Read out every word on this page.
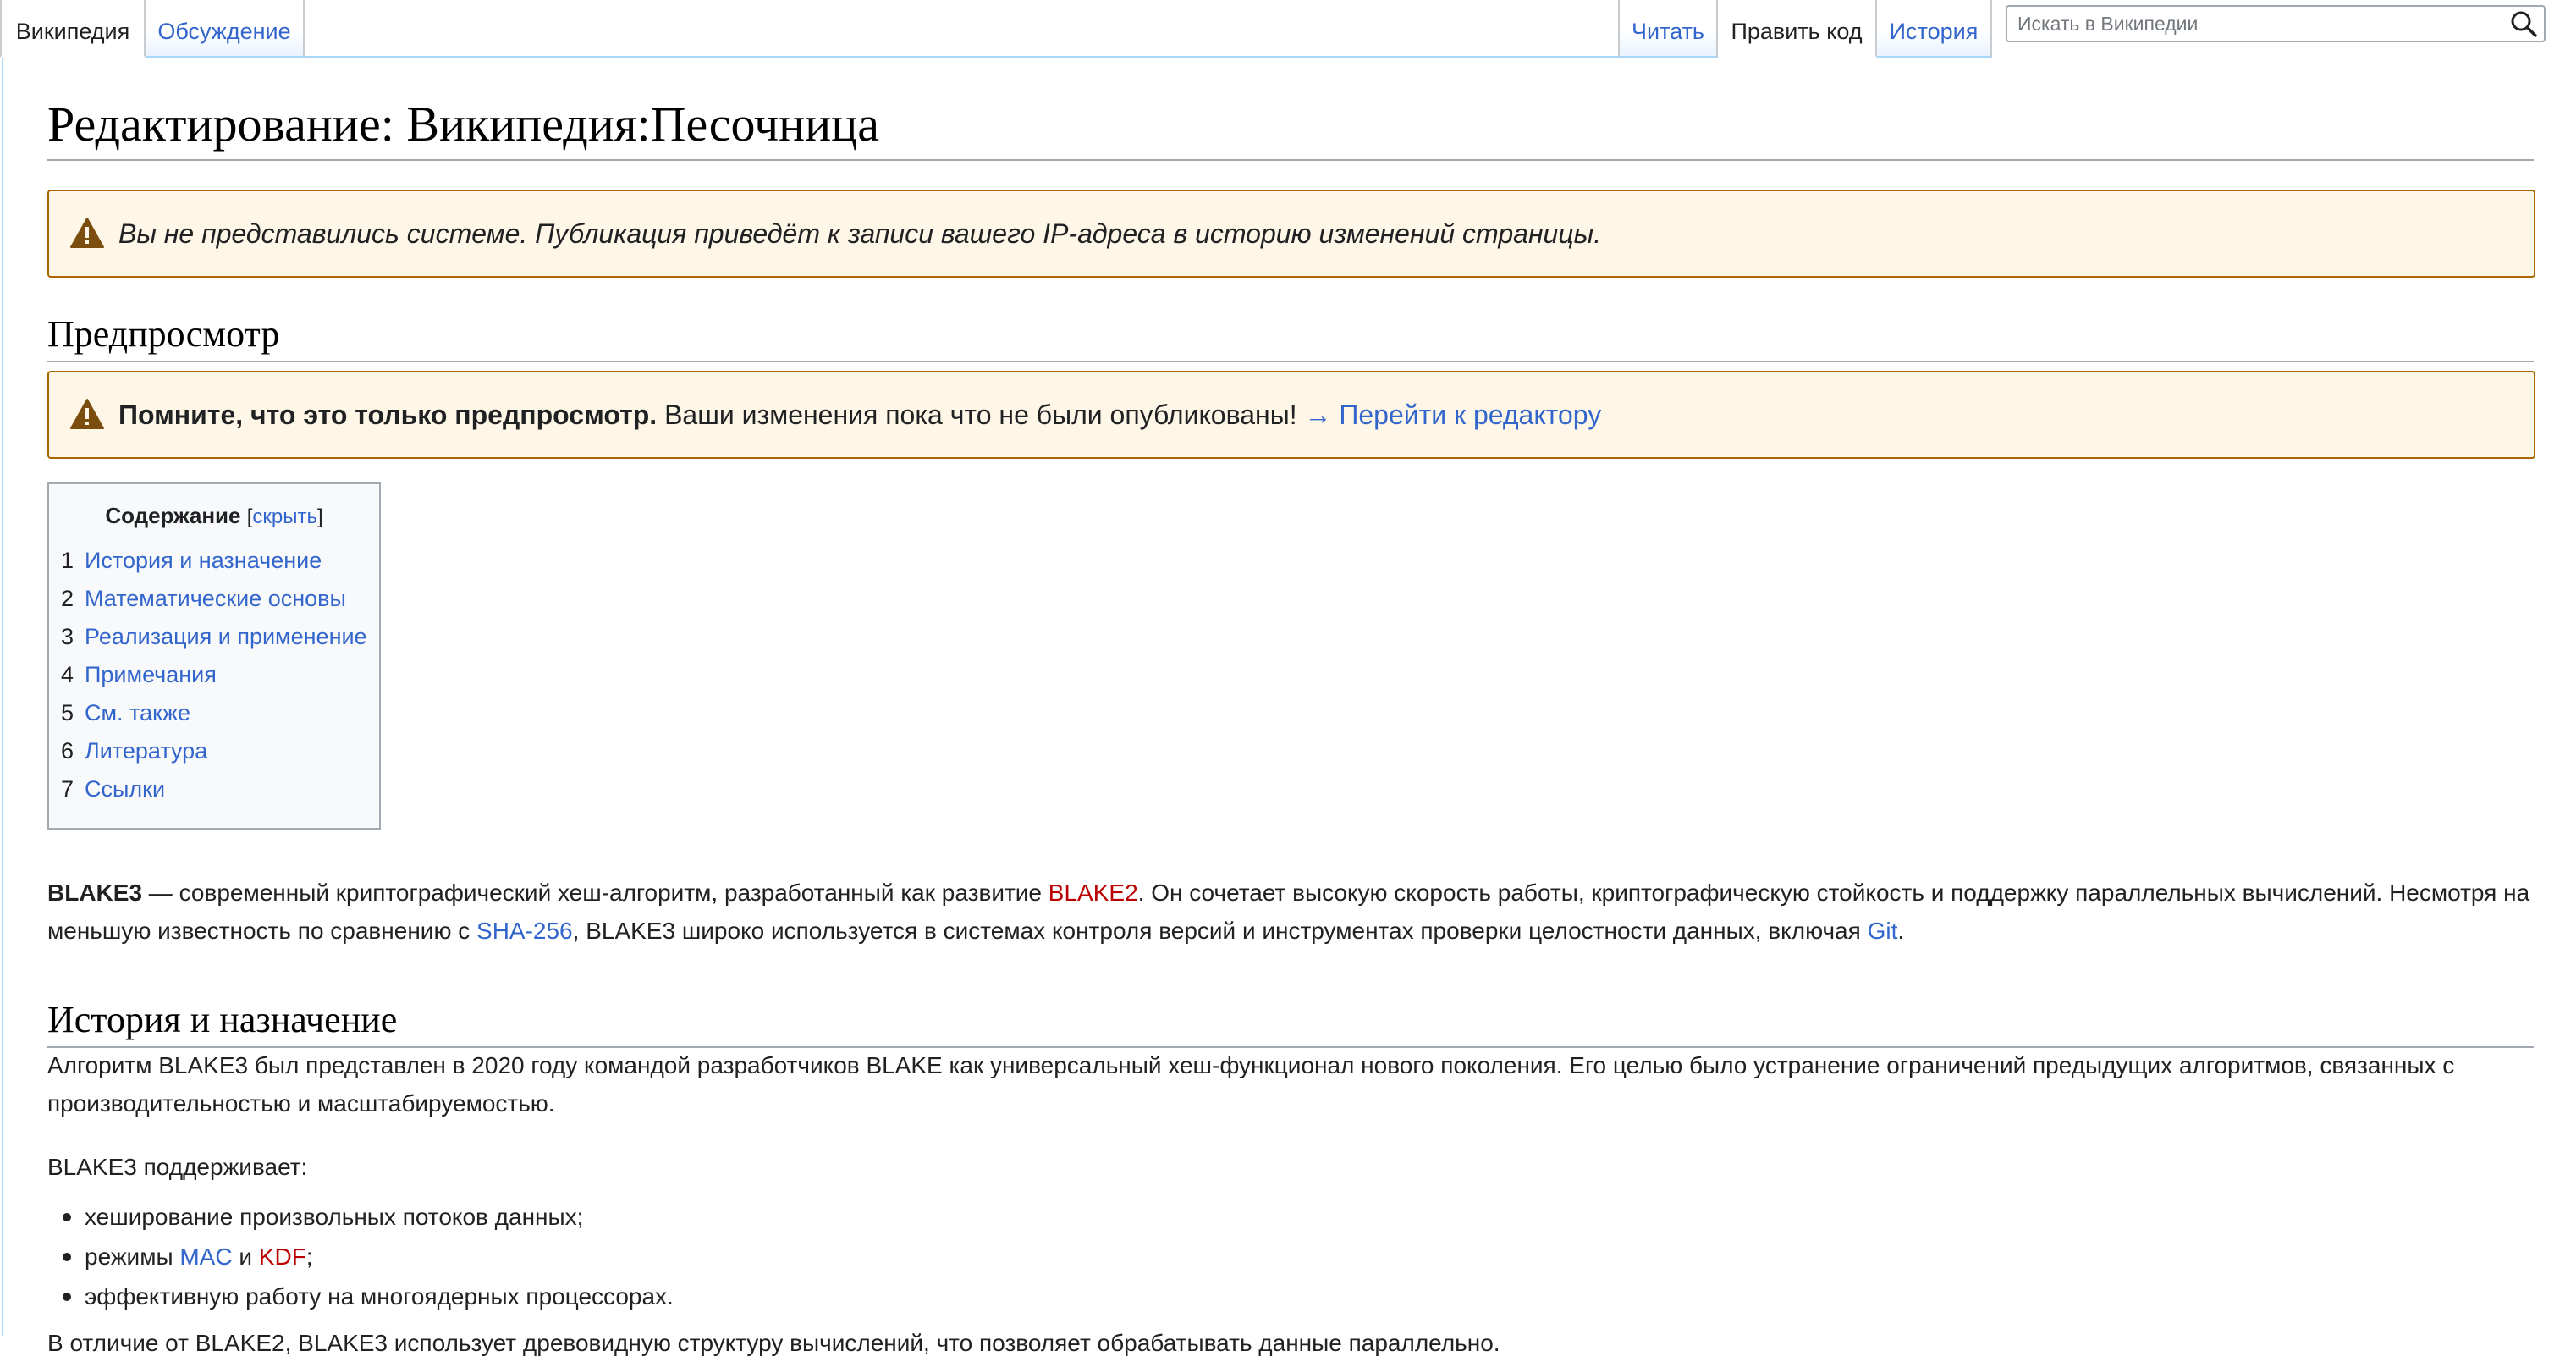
Википедия	Обсуждение	Читать	Править код	История
Искать в Википедии
Редактирование: Википедия:Песочница
Вы не представились системе. Публикация приведёт к записи вашего IP-адреса в историю изменений страницы.
Предпросмотр
Помните, что это только предпросмотр. Ваши изменения пока что не были опубликованы! → Перейти к редактору
Содержание [скрыть]
1 История и назначение
2 Математические основы
3 Реализация и применение
4 Примечания
5 См. также
6 Литература
7 Ссылки

BLAKE3 — современный криптографический хеш-алгоритм, разработанный как развитие BLAKE2. Он сочетает высокую скорость работы, криптографическую стойкость и поддержку параллельных вычислений. Несмотря на меньшую известность по сравнению с SHA-256, BLAKE3 широко используется в системах контроля версий и инструментах проверки целостности данных, включая Git.

История и назначение

Алгоритм BLAKE3 был представлен в 2020 году командой разработчиков BLAKE как универсальный хеш-функционал нового поколения. Его целью было устранение ограничений предыдущих алгоритмов, связанных с производительностью и масштабируемостью.

BLAKE3 поддерживает:

хеширование произвольных потоков данных;
режимы MAC и KDF;
эффективную работу на многоядерных процессорах.

В отличие от BLAKE2, BLAKE3 использует древовидную структуру вычислений, что позволяет обрабатывать данные параллельно.
